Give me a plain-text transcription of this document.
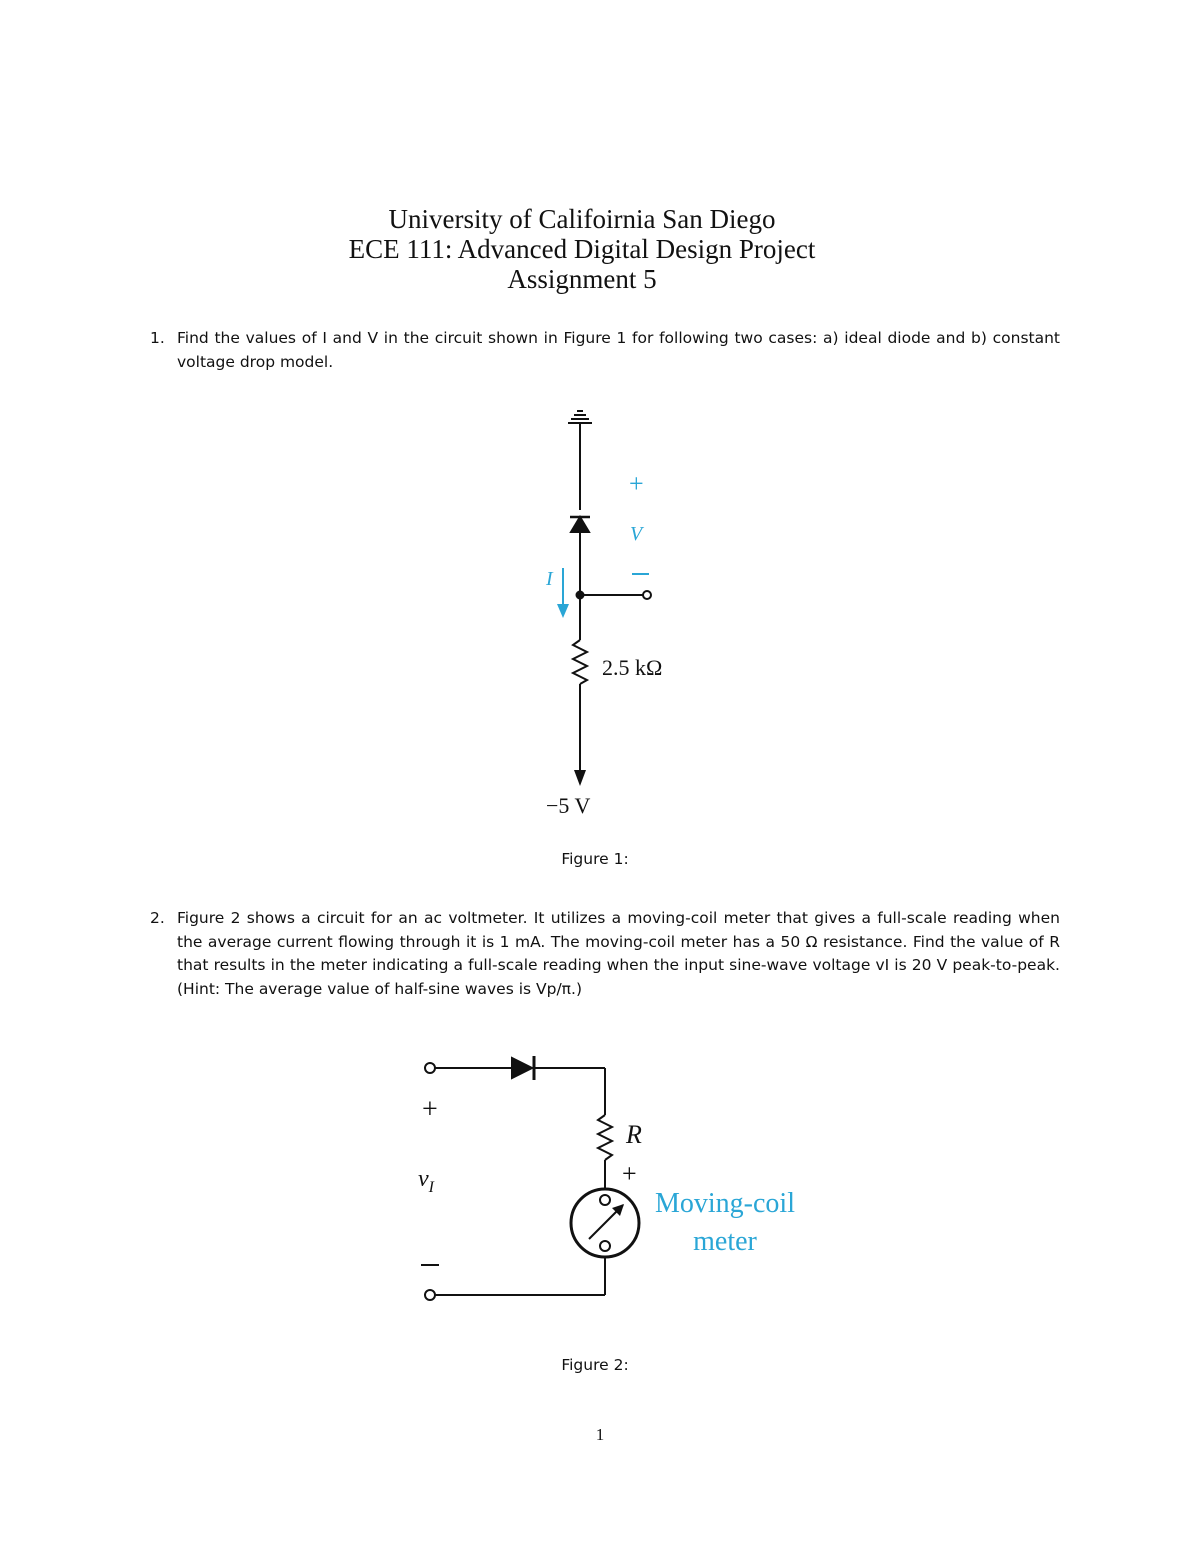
University of Califoirnia San Diego
ECE 111: Advanced Digital Design Project
Assignment 5
1. Find the values of I and V in the circuit shown in Figure 1 for following two cases: a) ideal diode and b) constant voltage drop model.
I
+
V
2.5 kΩ
−5 V
Figure 1:
2. Figure 2 shows a circuit for an ac voltmeter. It utilizes a moving-coil meter that gives a full-scale reading when the average current flowing through it is 1 mA. The moving-coil meter has a 50 Ω resistance. Find the value of R that results in the meter indicating a full-scale reading when the input sine-wave voltage vI is 20 V peak-to-peak. (Hint: The average value of half-sine waves is Vp/π.)
+
$v_I$
R
+
Moving-coil
meter
Figure 2:
1
